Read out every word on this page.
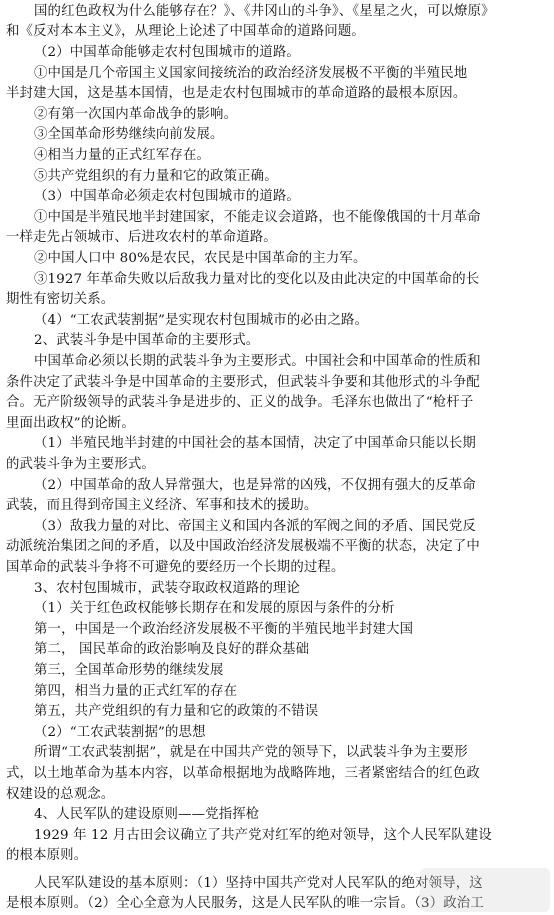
国的红色政权为什么能够存在？》、《井冈山的斗争》、《星星之火，可以燎原》
和《反对本本主义》，从理论上论述了中国革命的道路问题。
（2）中国革命能够走农村包围城市的道路。
①中国是几个帝国主义国家间接统治的政治经济发展极不平衡的半殖民地
半封建大国，这是基本国情，也是走农村包围城市的革命道路的最根本原因。
②有第一次国内革命战争的影响。
③全国革命形势继续向前发展。
④相当力量的正式红军存在。
⑤共产党组织的有力量和它的政策正确。
（3）中国革命必须走农村包围城市的道路。
①中国是半殖民地半封建国家，不能走议会道路，也不能像俄国的十月革命
一样走先占领城市、后进攻农村的革命道路。
②中国人口中 80%是农民，农民是中国革命的主力军。
③1927 年革命失败以后敌我力量对比的变化以及由此决定的中国革命的长
期性有密切关系。
（4）“工农武装割据”是实现农村包围城市的必由之路。
2、武装斗争是中国革命的主要形式。
中国革命必须以长期的武装斗争为主要形式。中国社会和中国革命的性质和
条件决定了武装斗争是中国革命的主要形式，但武装斗争要和其他形式的斗争配
合。无产阶级领导的武装斗争是进步的、正义的战争。毛泽东也做出了“枪杆子
里面出政权”的论断。
（1）半殖民地半封建的中国社会的基本国情，决定了中国革命只能以长期
的武装斗争为主要形式。
（2）中国革命的敌人异常强大，也是异常的凶残，不仅拥有强大的反革命
武装，而且得到帝国主义经济、军事和技术的援助。
（3）敌我力量的对比、帝国主义和国内各派的军阀之间的矛盾、国民党反
动派统治集团之间的矛盾，以及中国政治经济发展极端不平衡的状态，决定了中
国革命的武装斗争将不可避免的要经历一个长期的过程。
3、农村包围城市，武装夺取政权道路的理论
（1）关于红色政权能够长期存在和发展的原因与条件的分析
第一，中国是一个政治经济发展极不平衡的半殖民地半封建大国
第二， 国民革命的政治影响及良好的群众基础
第三，全国革命形势的继续发展
第四，相当力量的正式红军的存在
第五，共产党组织的有力量和它的政策的不错误
（2）“工农武装割据”的思想
所谓“工农武装割据”，就是在中国共产党的领导下，以武装斗争为主要形
式，以土地革命为基本内容，以革命根据地为战略阵地，三者紧密结合的红色政
权建设的总观念。
4、人民军队的建设原则——党指挥枪
1929 年 12 月古田会议确立了共产党对红军的绝对领导，这个人民军队建设
的根本原则。
人民军队建设的基本原则：（1）坚持中国共产党对人民军队的绝对领导，这
是根本原则。（2）全心全意为人民服务，这是人民军队的唯一宗旨。（3）政治工
